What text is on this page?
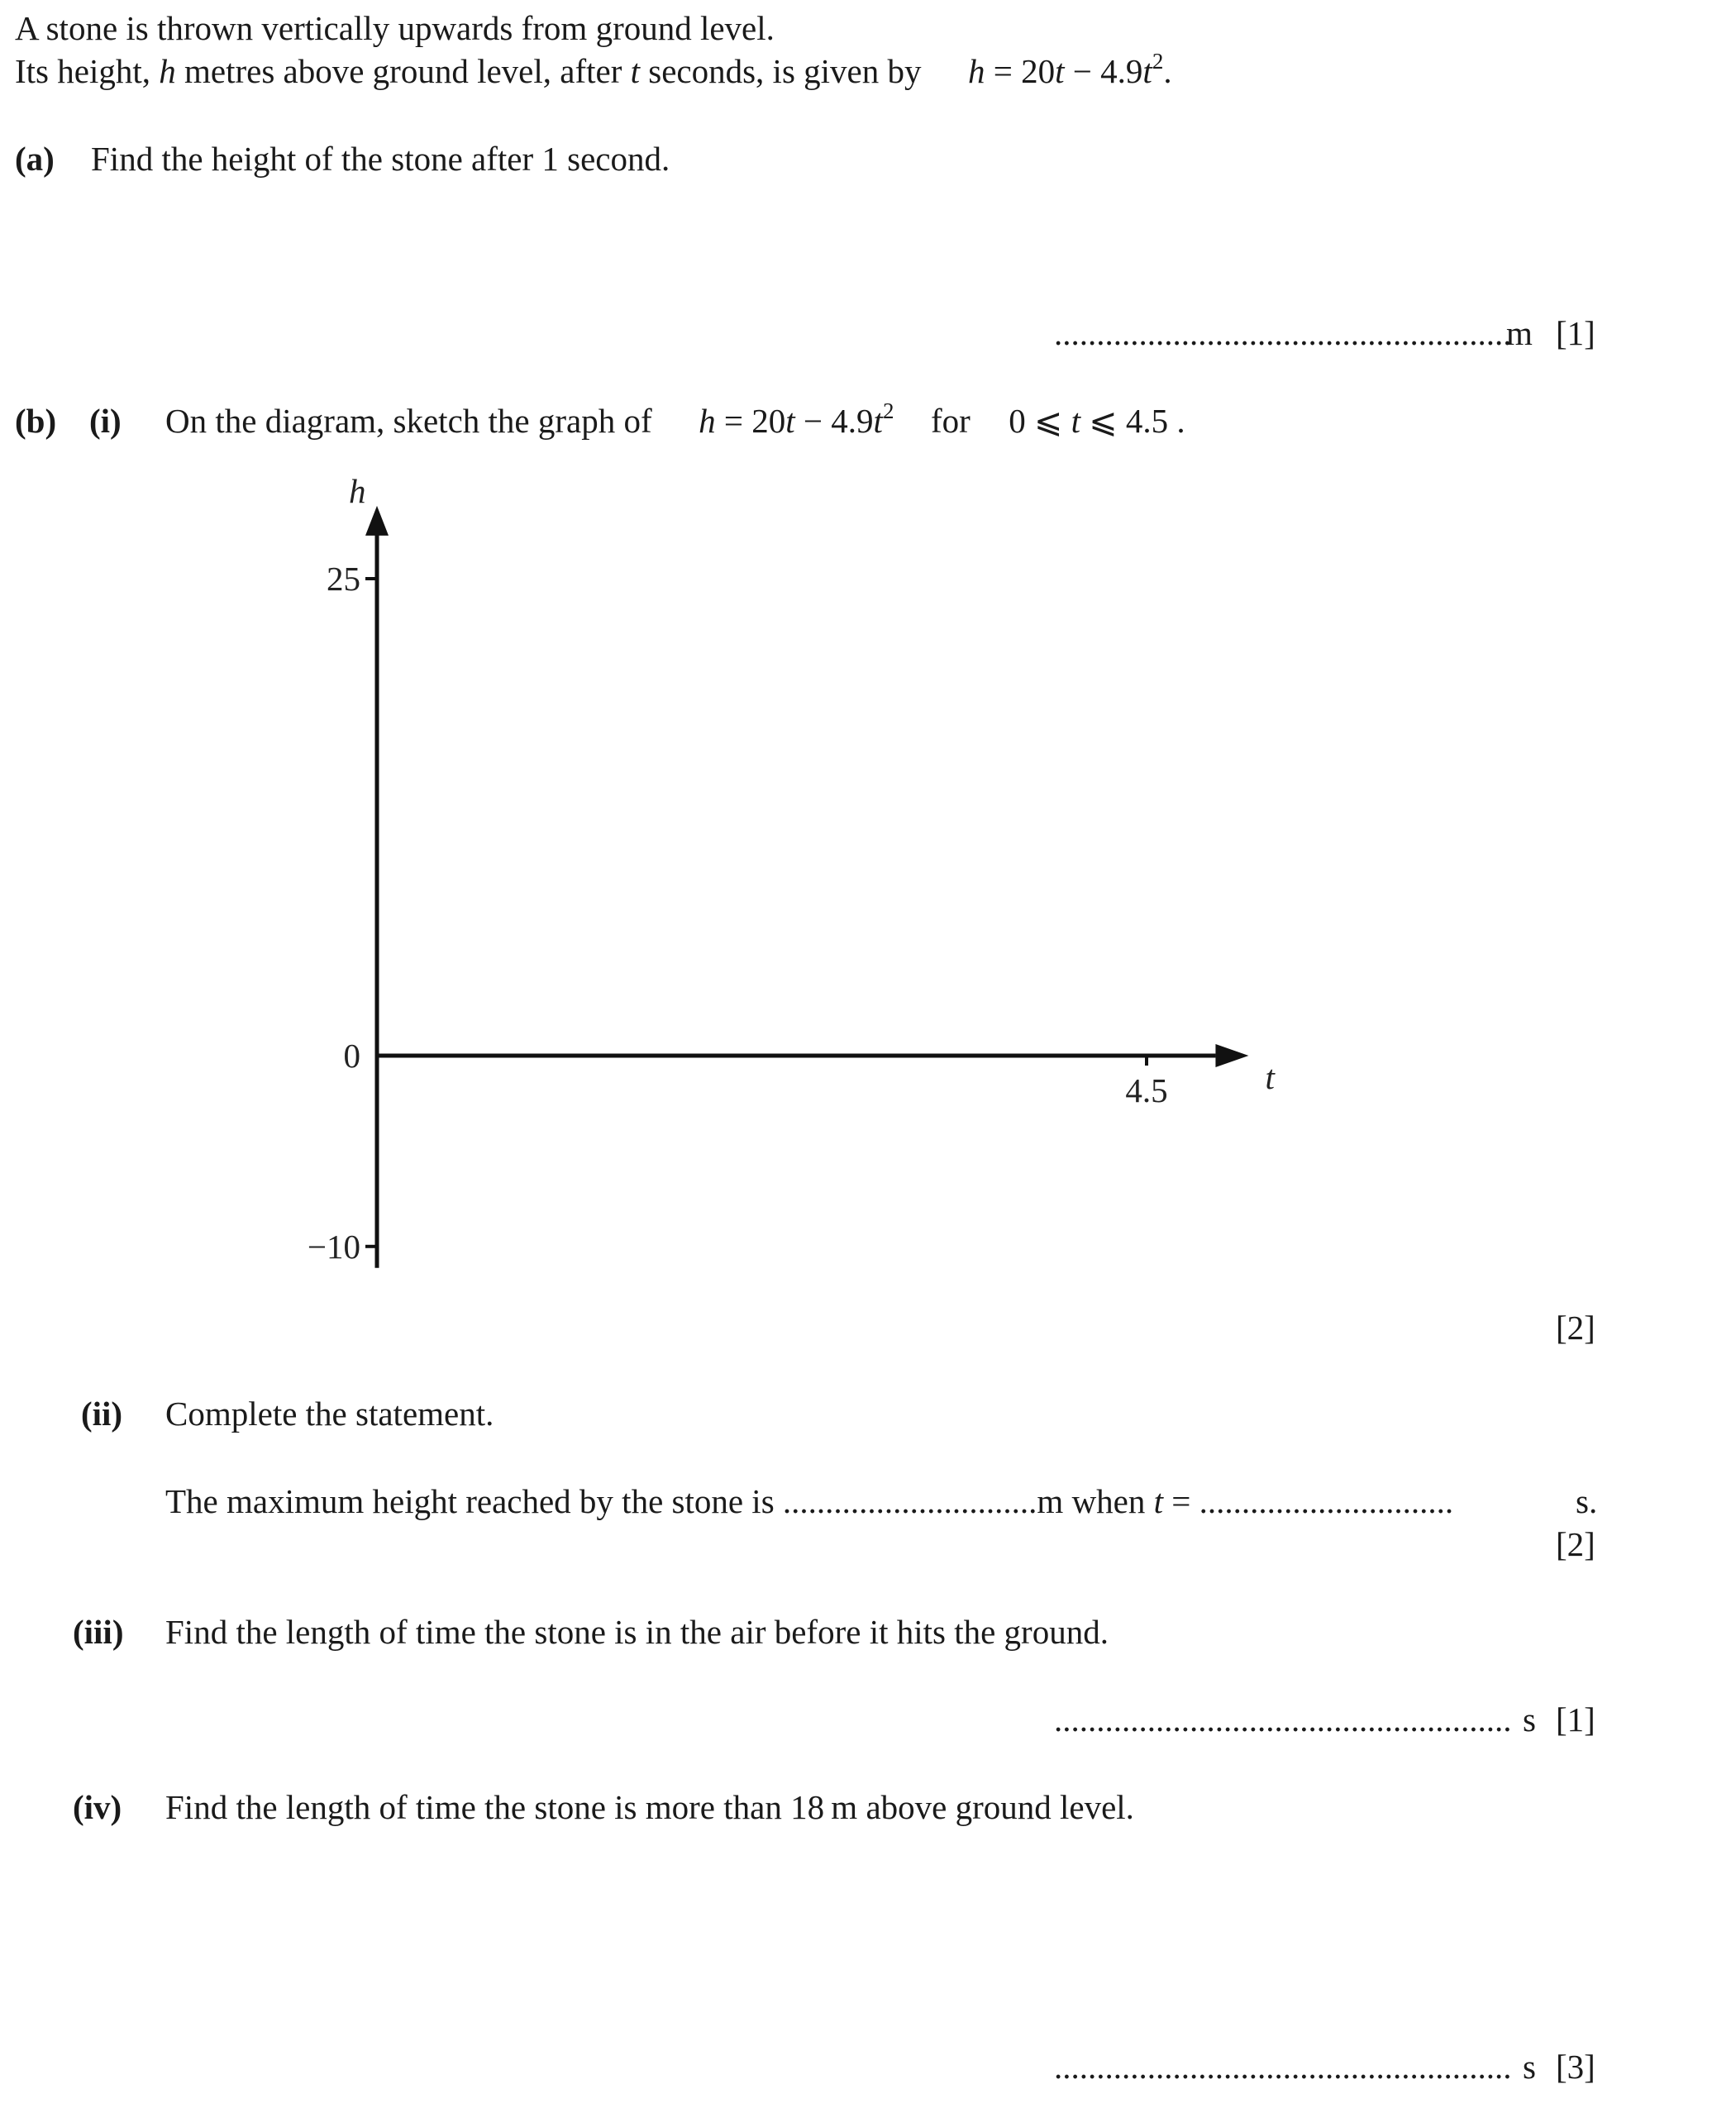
A stone is thrown vertically upwards from ground level.
Its height, h metres above ground level, after t seconds, is given by $h = 20t - 4.9t^2$.
(a) Find the height of the stone after 1 second.
......................................................
m [1]
(b) (i) On the diagram, sketch the graph of $h = 20t - 4.9t^2$ for 0 ⩽ t ⩽ 4.5 .
h
t
25
0
−10
4.5
[2]
(ii) Complete the statement.
The maximum height reached by the stone is ..............................m when t = ..............................	s.
[2]
(iii) Find the length of time the stone is in the air before it hits the ground.
...................................................... s [1]
(iv) Find the length of time the stone is more than 18 m above ground level.
...................................................... s [3]
